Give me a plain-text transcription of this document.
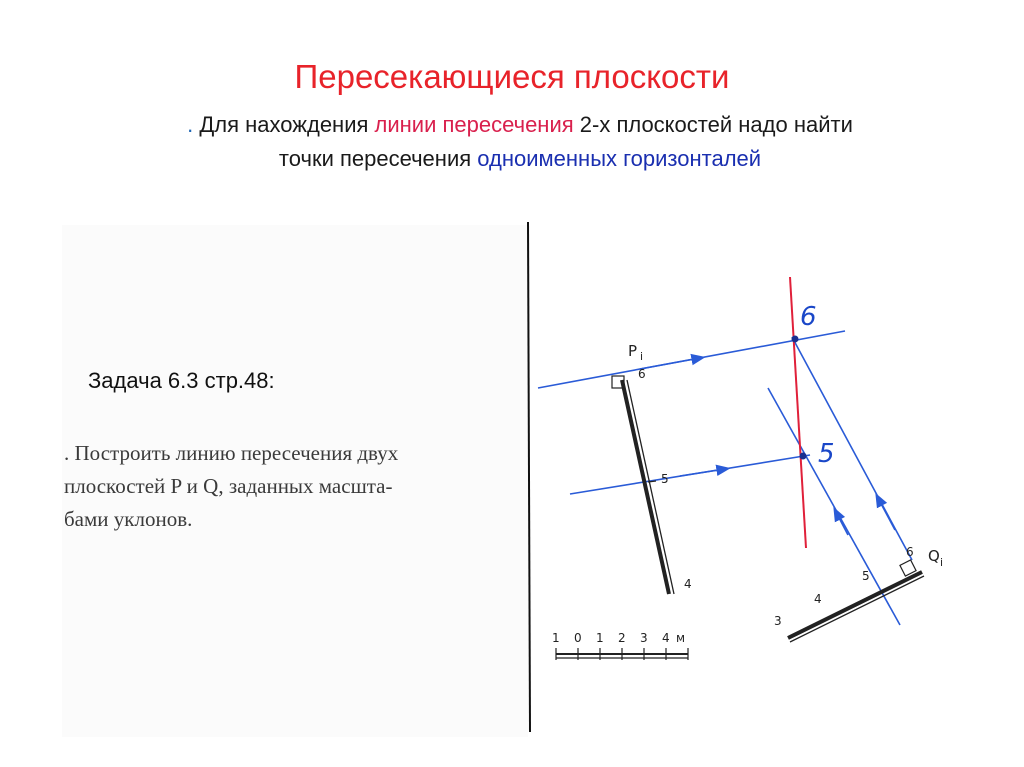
Пересекающиеся плоскости
. Для нахождения линии пересечения 2-х плоскостей надо найти
точки пересечения одноименных горизонталей
Задача 6.3 стр.48:
. Построить линию пересечения двух
плоскостей P и Q, заданных масшта-
бами уклонов.
P i
6
5
4
Q i
6
5
4
3
6
5
1 0 1 2 3 4 м
